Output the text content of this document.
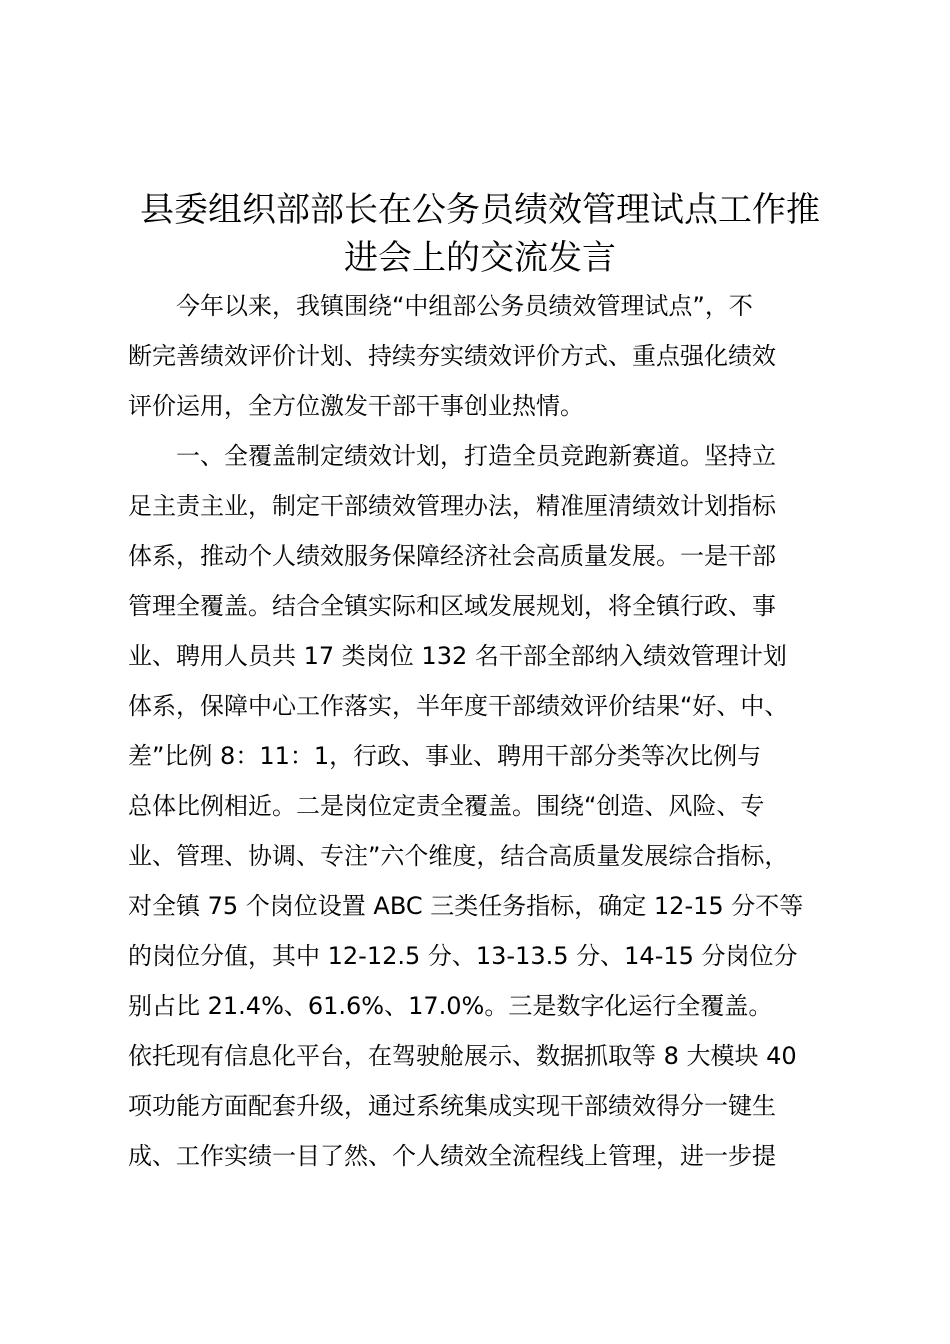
县委组织部部长在公务员绩效管理试点工作推
进会上的交流发言
　　今年以来，我镇围绕“中组部公务员绩效管理试点”，不
断完善绩效评价计划、持续夯实绩效评价方式、重点强化绩效
评价运用，全方位激发干部干事创业热情。
　　一、全覆盖制定绩效计划，打造全员竞跑新赛道。坚持立
足主责主业，制定干部绩效管理办法，精准厘清绩效计划指标
体系，推动个人绩效服务保障经济社会高质量发展。一是干部
管理全覆盖。结合全镇实际和区域发展规划，将全镇行政、事
业、聘用人员共 17 类岗位 132 名干部全部纳入绩效管理计划
体系，保障中心工作落实，半年度干部绩效评价结果“好、中、
差”比例 8：11：1，行政、事业、聘用干部分类等次比例与
总体比例相近。二是岗位定责全覆盖。围绕“创造、风险、专
业、管理、协调、专注”六个维度，结合高质量发展综合指标，
对全镇 75 个岗位设置 ABC 三类任务指标，确定 12-15 分不等
的岗位分值，其中 12-12.5 分、13-13.5 分、14-15 分岗位分
别占比 21.4%、61.6%、17.0%。三是数字化运行全覆盖。
依托现有信息化平台，在驾驶舱展示、数据抓取等 8 大模块 40
项功能方面配套升级，通过系统集成实现干部绩效得分一键生
成、工作实绩一目了然、个人绩效全流程线上管理，进一步提
